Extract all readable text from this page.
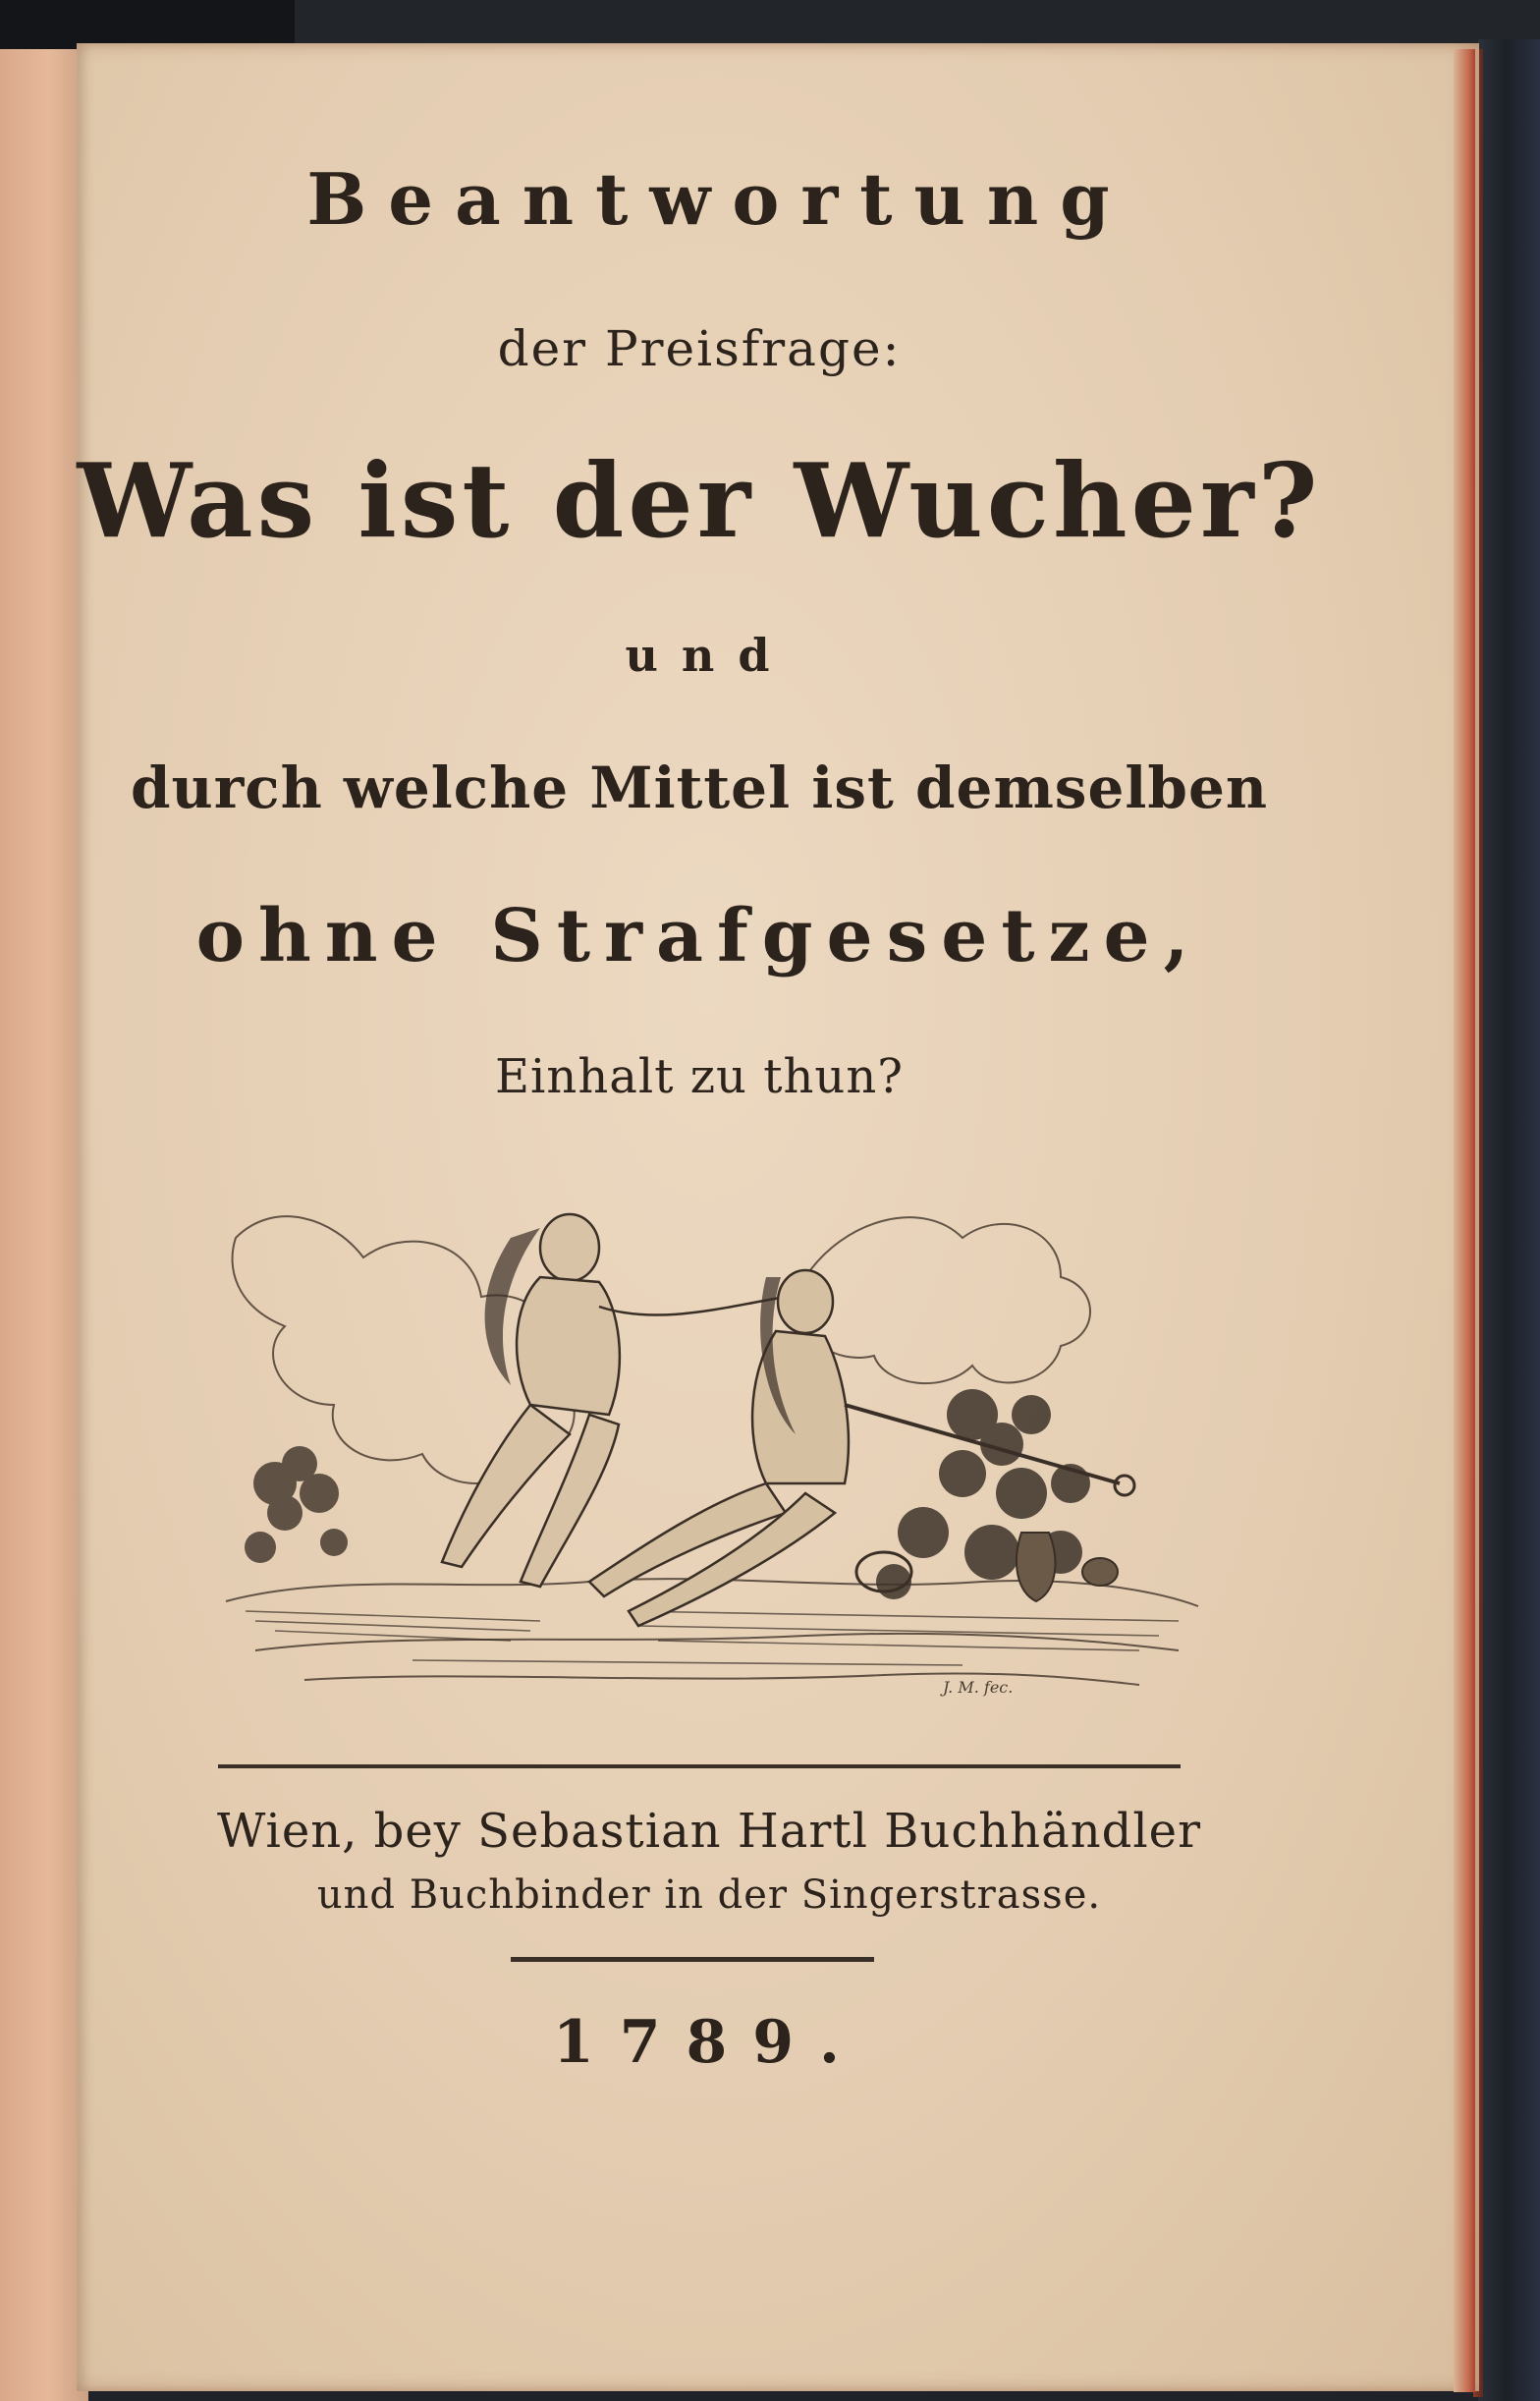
Beantwortung
der Preisfrage:
Was ist der Wucher?
und
durch welche Mittel ist demselben
ohne Strafgesetze,
Einhalt zu thun?
J. M. fec.
Wien, bey Sebastian Hartl Buchhändler
und Buchbinder in der Singerstrasse.
1789.
